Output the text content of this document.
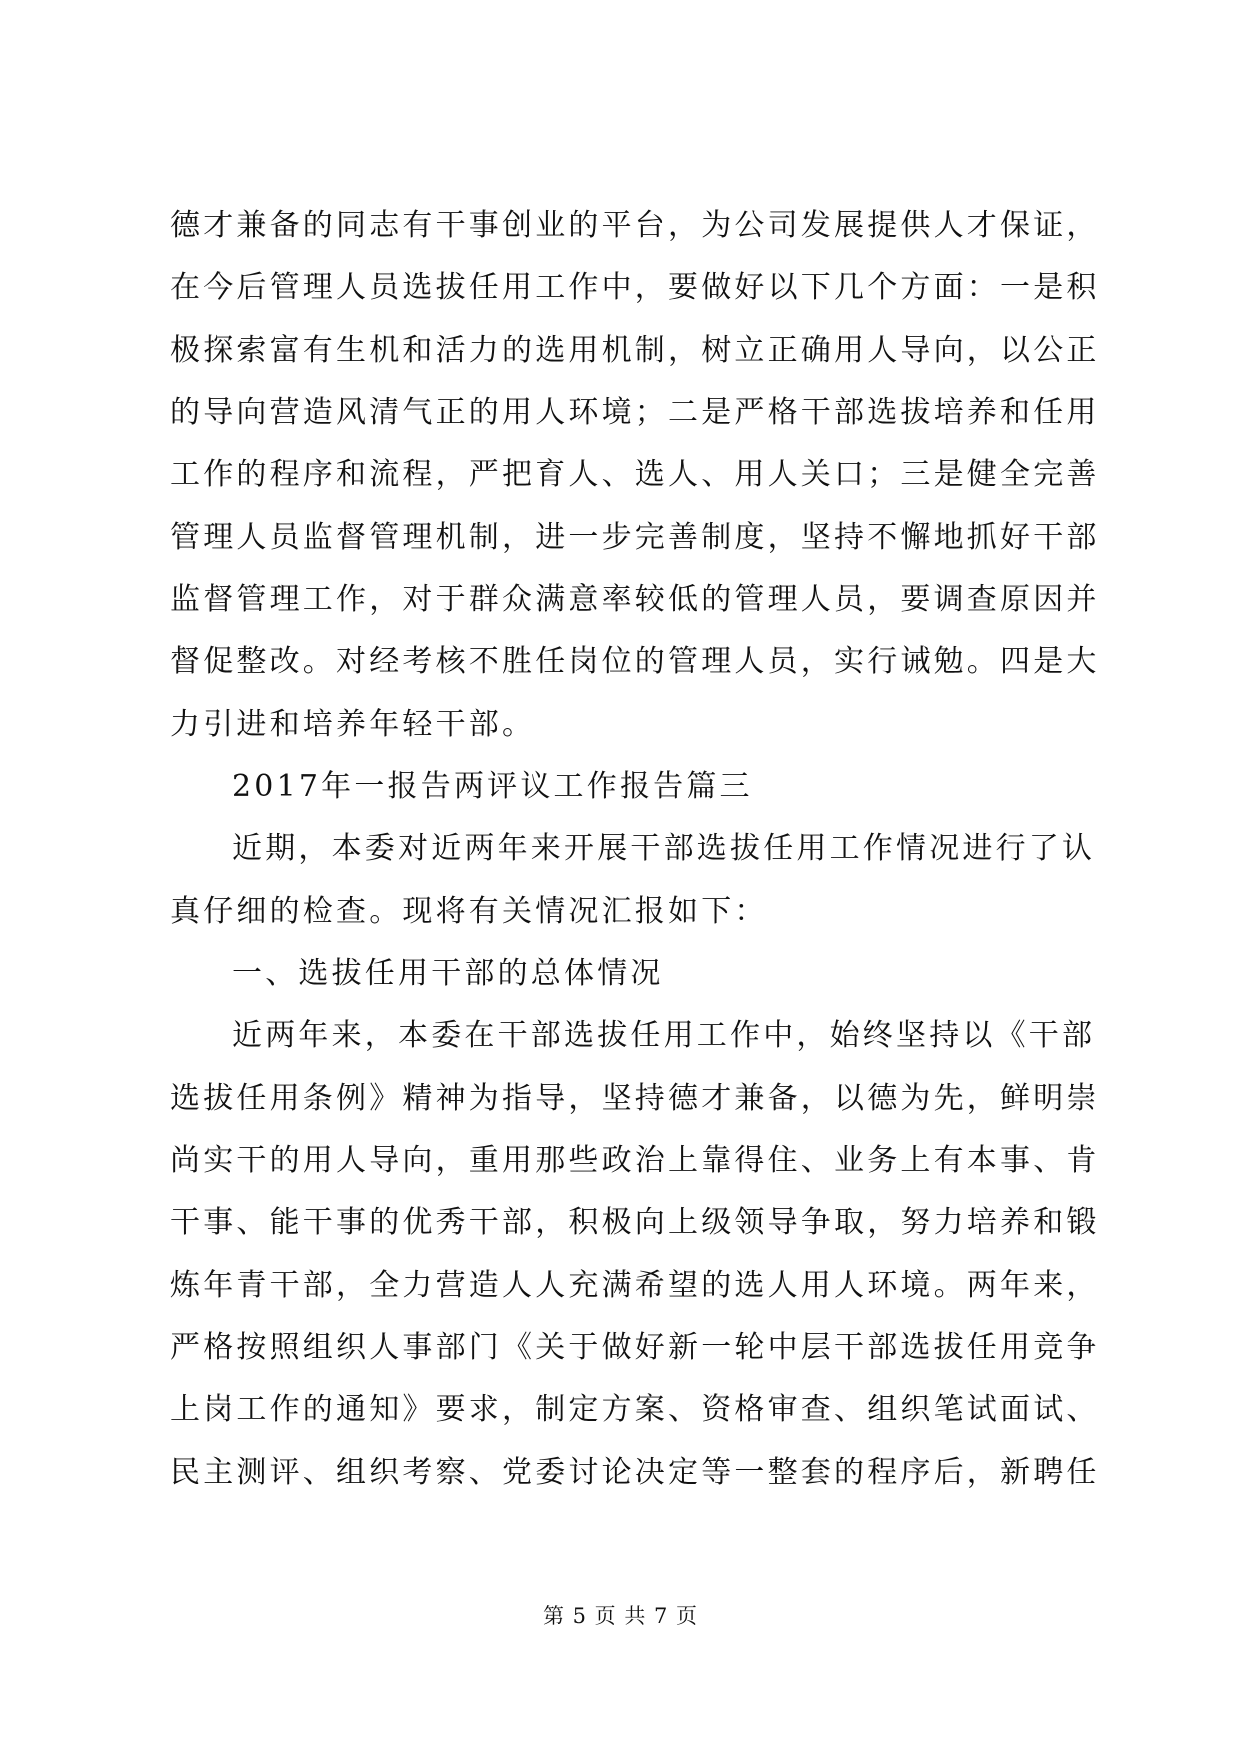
德才兼备的同志有干事创业的平台，为公司发展提供人才保证，
在今后管理人员选拔任用工作中，要做好以下几个方面：一是积
极探索富有生机和活力的选用机制，树立正确用人导向，以公正
的导向营造风清气正的用人环境；二是严格干部选拔培养和任用
工作的程序和流程，严把育人、选人、用人关口；三是健全完善
管理人员监督管理机制，进一步完善制度，坚持不懈地抓好干部
监督管理工作，对于群众满意率较低的管理人员，要调查原因并
督促整改。对经考核不胜任岗位的管理人员，实行诫勉。四是大
力引进和培养年轻干部。
2017年一报告两评议工作报告篇三
近期，本委对近两年来开展干部选拔任用工作情况进行了认
真仔细的检查。现将有关情况汇报如下：
一、选拔任用干部的总体情况
近两年来，本委在干部选拔任用工作中，始终坚持以《干部
选拔任用条例》精神为指导，坚持德才兼备，以德为先，鲜明崇
尚实干的用人导向，重用那些政治上靠得住、业务上有本事、肯
干事、能干事的优秀干部，积极向上级领导争取，努力培养和锻
炼年青干部，全力营造人人充满希望的选人用人环境。两年来，
严格按照组织人事部门《关于做好新一轮中层干部选拔任用竞争
上岗工作的通知》要求，制定方案、资格审查、组织笔试面试、
民主测评、组织考察、党委讨论决定等一整套的程序后，新聘任
第 5 页 共 7 页
